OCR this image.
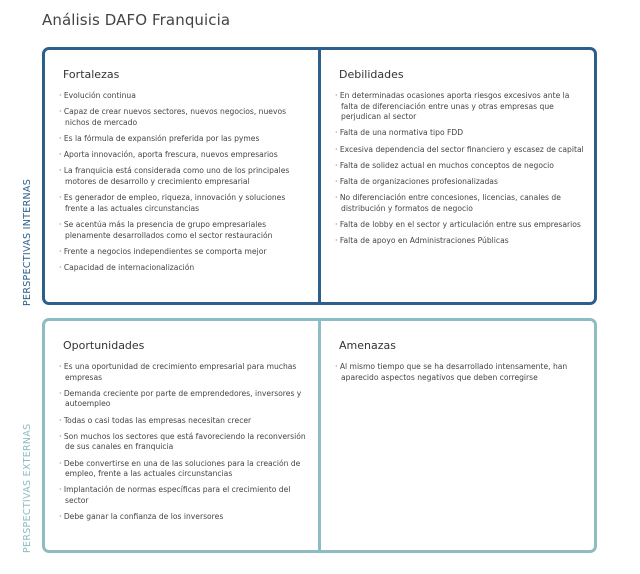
Análisis DAFO Franquicia
PERSPECTIVAS INTERNAS
PERSPECTIVAS EXTERNAS
Fortalezas
· Evolución continua
· Capaz de crear nuevos sectores, nuevos negocios, nuevos nichos de mercado
· Es la fórmula de expansión preferida por las pymes
· Aporta innovación, aporta frescura, nuevos empresarios
· La franquicia está considerada como uno de los principales motores de desarrollo y crecimiento empresarial
· Es generador de empleo, riqueza, innovación y soluciones frente a las actuales circunstancias
· Se acentúa más la presencia de grupo empresariales plenamente desarrollados como el sector restauración
· Frente a negocios independientes se comporta mejor
· Capacidad de internacionalización
Debilidades
· En determinadas ocasiones aporta riesgos excesivos ante la falta de diferenciación entre unas y otras empresas que perjudican al sector
· Falta de una normativa tipo FDD
· Excesiva dependencia del sector financiero y escasez de capital
· Falta de solidez actual en muchos conceptos de negocio
· Falta de organizaciones profesionalizadas
· No diferenciación entre concesiones, licencias, canales de distribución y formatos de negocio
· Falta de lobby en el sector y articulación entre sus empresarios
· Falta de apoyo en Administraciones Públicas
Oportunidades
· Es una oportunidad de crecimiento empresarial para muchas empresas
· Demanda creciente por parte de emprendedores, inversores y autoempleo
· Todas o casi todas las empresas necesitan crecer
· Son muchos los sectores que está favoreciendo la reconversión de sus canales en franquicia
· Debe convertirse en una de las soluciones para la creación de empleo, frente a las actuales circunstancias
· Implantación de normas específicas para el crecimiento del sector
· Debe ganar la confianza de los inversores
Amenazas
· Al mismo tiempo que se ha desarrollado intensamente, han aparecido aspectos negativos que deben corregirse
